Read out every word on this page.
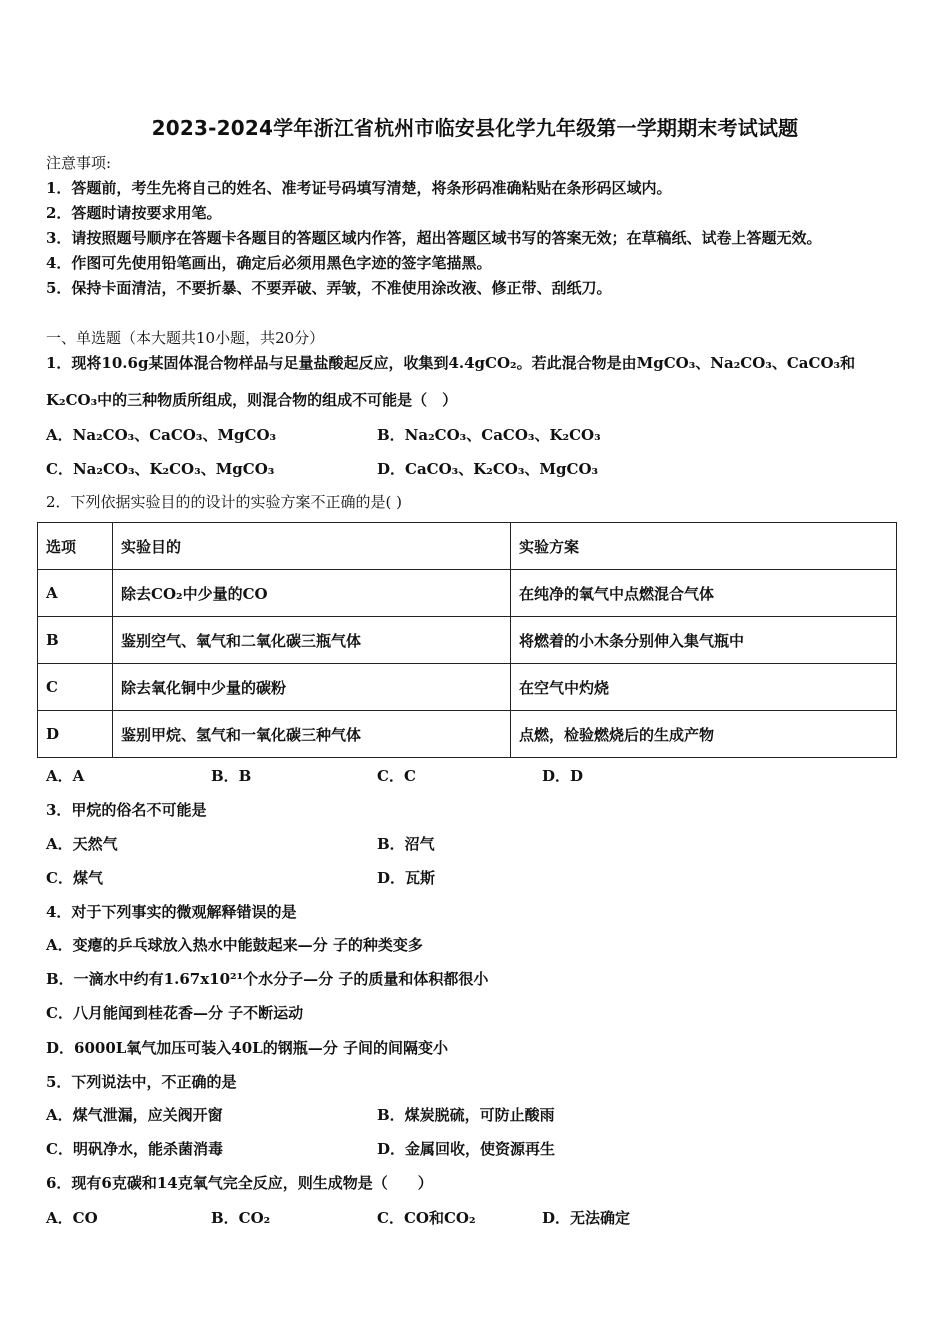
2023-2024学年浙江省杭州市临安县化学九年级第一学期期末考试试题
注意事项:
1．答题前，考生先将自己的姓名、准考证号码填写清楚，将条形码准确粘贴在条形码区域内。
2．答题时请按要求用笔。
3．请按照题号顺序在答题卡各题目的答题区域内作答，超出答题区域书写的答案无效；在草稿纸、试卷上答题无效。
4．作图可先使用铅笔画出，确定后必须用黑色字迹的签字笔描黑。
5．保持卡面清洁，不要折暴、不要弄破、弄皱，不准使用涂改液、修正带、刮纸刀。
一、单选题（本大题共10小题，共20分）
1．现将10.6g某固体混合物样品与足量盐酸起反应，收集到4.4gCO₂。若此混合物是由MgCO₃、Na₂CO₃、CaCO₃和
K₂CO₃中的三种物质所组成，则混合物的组成不可能是（　）
A．Na₂CO₃、CaCO₃、MgCO₃	B．Na₂CO₃、CaCO₃、K₂CO₃
C．Na₂CO₃、K₂CO₃、MgCO₃	D．CaCO₃、K₂CO₃、MgCO₃
2．下列依据实验目的的设计的实验方案不正确的是( )
选项	实验目的	实验方案
A	除去CO₂中少量的CO	在纯净的氧气中点燃混合气体
B	鉴别空气、氧气和二氧化碳三瓶气体	将燃着的小木条分别伸入集气瓶中
C	除去氧化铜中少量的碳粉	在空气中灼烧
D	鉴别甲烷、氢气和一氧化碳三种气体	点燃，检验燃烧后的生成产物
A．A	B．B	C．C	D．D
3．甲烷的俗名不可能是
A．天然气	B．沼气
C．煤气	D．瓦斯
4．对于下列事实的微观解释错误的是
A．变瘪的乒乓球放入热水中能鼓起来—分 子的种类变多
B．一滴水中约有1.67x10²¹个水分子—分 子的质量和体积都很小
C．八月能闻到桂花香—分 子不断运动
D．6000L氧气加压可装入40L的钢瓶—分 子间的间隔变小
5．下列说法中，不正确的是
A．煤气泄漏，应关阀开窗	B．煤炭脱硫，可防止酸雨
C．明矾净水，能杀菌消毒	D．金属回收，使资源再生
6．现有6克碳和14克氧气完全反应，则生成物是（　　）
A．CO	B．CO₂	C．CO和CO₂	D．无法确定
